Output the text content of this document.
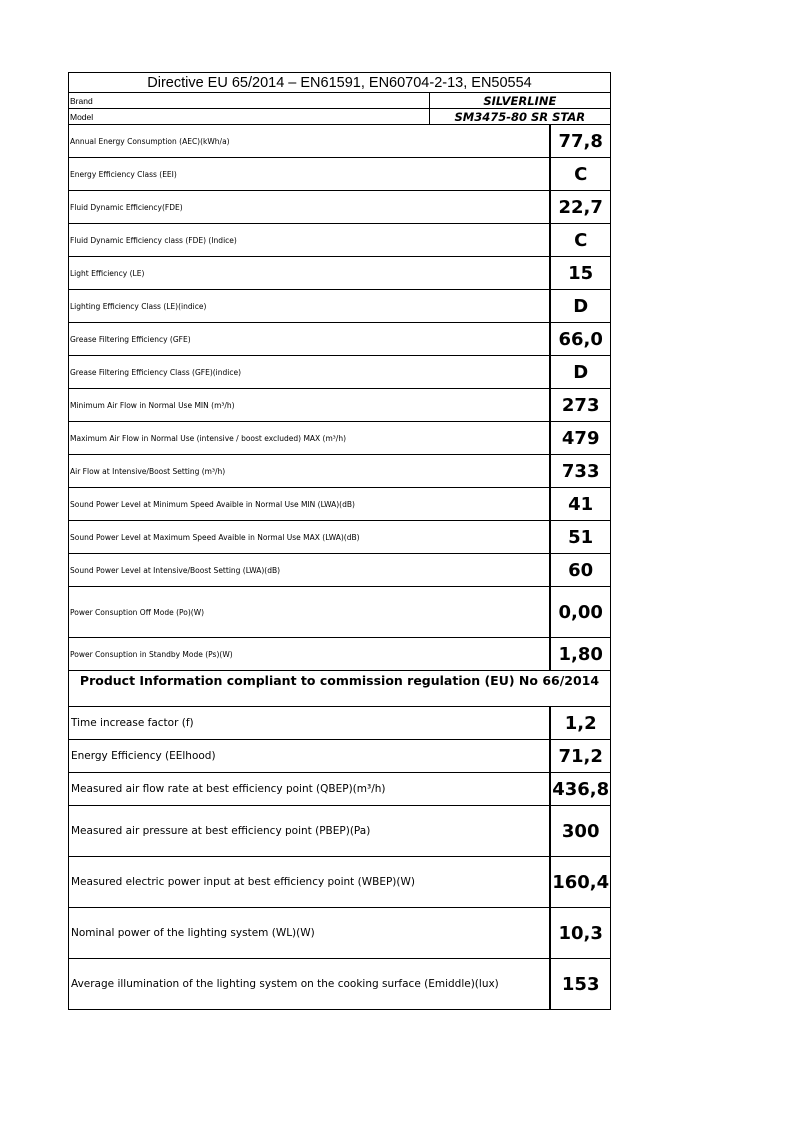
Directive EU 65/2014 – EN61591, EN60704-2-13, EN50554		
Brand	SILVERLINE	
Model	SM3475-80 SR STAR	
Annual Energy Consumption (AEC)(kWh/a)		77,8
Energy Efficiency Class (EEI)		C
Fluid Dynamic Efficiency(FDE)		22,7
Fluid Dynamic Efficiency class (FDE) (Indice)		C
Light Efficiency (LE)		15
Lighting Efficiency Class (LE)(indice)		D
Grease Filtering Efficiency (GFE)		66,0
Grease Filtering Efficiency Class (GFE)(indice)		D
Minimum Air Flow in Normal Use MIN (m³/h)		273
Maximum Air Flow in Normal Use (intensive / boost excluded) MAX (m³/h)		479
Air Flow at Intensive/Boost Setting (m³/h)		733
Sound Power Level at Minimum Speed Avaible in Normal Use MIN (LWA)(dB)		41
Sound Power Level at Maximum Speed Avaible in Normal Use MAX (LWA)(dB)		51
Sound Power Level at Intensive/Boost Setting (LWA)(dB)		60
Power Consuption Off Mode (Po)(W)		0,00
Power Consuption in Standby Mode (Ps)(W)		1,80
Product Information compliant to commission regulation (EU) No 66/2014		
Time increase factor (f)		1,2
Energy Efficiency (EElhood)		71,2
Measured air flow rate at best efficiency point (QBEP)(m³/h)		436,8
Measured air pressure at best efficiency point (PBEP)(Pa)		300
Measured electric power input at best efficiency point (WBEP)(W)		160,4
Nominal power of the lighting system (WL)(W)		10,3
Average illumination of the lighting system on the cooking surface (Emiddle)(lux)		153
